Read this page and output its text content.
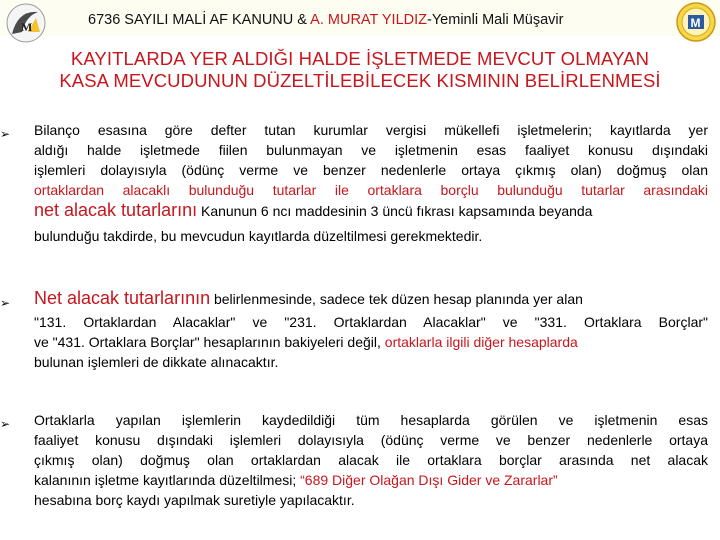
M	6736 SAYILI MALİ AF KANUNU & A. MURAT YILDIZ-Yeminli Mali Müşavir	M
KAYITLARDA YER ALDIĞI HALDE İŞLETMEDE MEVCUT OLMAYAN
KASA MEVCUDUNUN DÜZELTİLEBİLECEK KISMININ BELİRLENMESİ
➢ Bilanço esasına göre defter tutan kurumlar vergisi mükellefi işletmelerin; kayıtlarda yer
aldığı halde işletmede fiilen bulunmayan ve işletmenin esas faaliyet konusu dışındaki
işlemleri dolayısıyla (ödünç verme ve benzer nedenlerle ortaya çıkmış olan) doğmuş olan
ortaklardan alacaklı bulunduğu tutarlar ile ortaklara borçlu bulunduğu tutarlar arasındaki
net alacak tutarlarını Kanunun 6 ncı maddesinin 3 üncü fıkrası kapsamında beyanda
bulunduğu takdirde, bu mevcudun kayıtlarda düzeltilmesi gerekmektedir.
➢ Net alacak tutarlarının belirlenmesinde, sadece tek düzen hesap planında yer alan
"131. Ortaklardan Alacaklar" ve "231. Ortaklardan Alacaklar" ve "331. Ortaklara Borçlar"
ve "431. Ortaklara Borçlar" hesaplarının bakiyeleri değil, ortaklarla ilgili diğer hesaplarda
bulunan işlemleri de dikkate alınacaktır.
➢ Ortaklarla yapılan işlemlerin kaydedildiği tüm hesaplarda görülen ve işletmenin esas
faaliyet konusu dışındaki işlemleri dolayısıyla (ödünç verme ve benzer nedenlerle ortaya
çıkmış olan) doğmuş olan ortaklardan alacak ile ortaklara borçlar arasında net alacak
kalanının işletme kayıtlarında düzeltilmesi; “689 Diğer Olağan Dışı Gider ve Zararlar”
hesabına borç kaydı yapılmak suretiyle yapılacaktır.
